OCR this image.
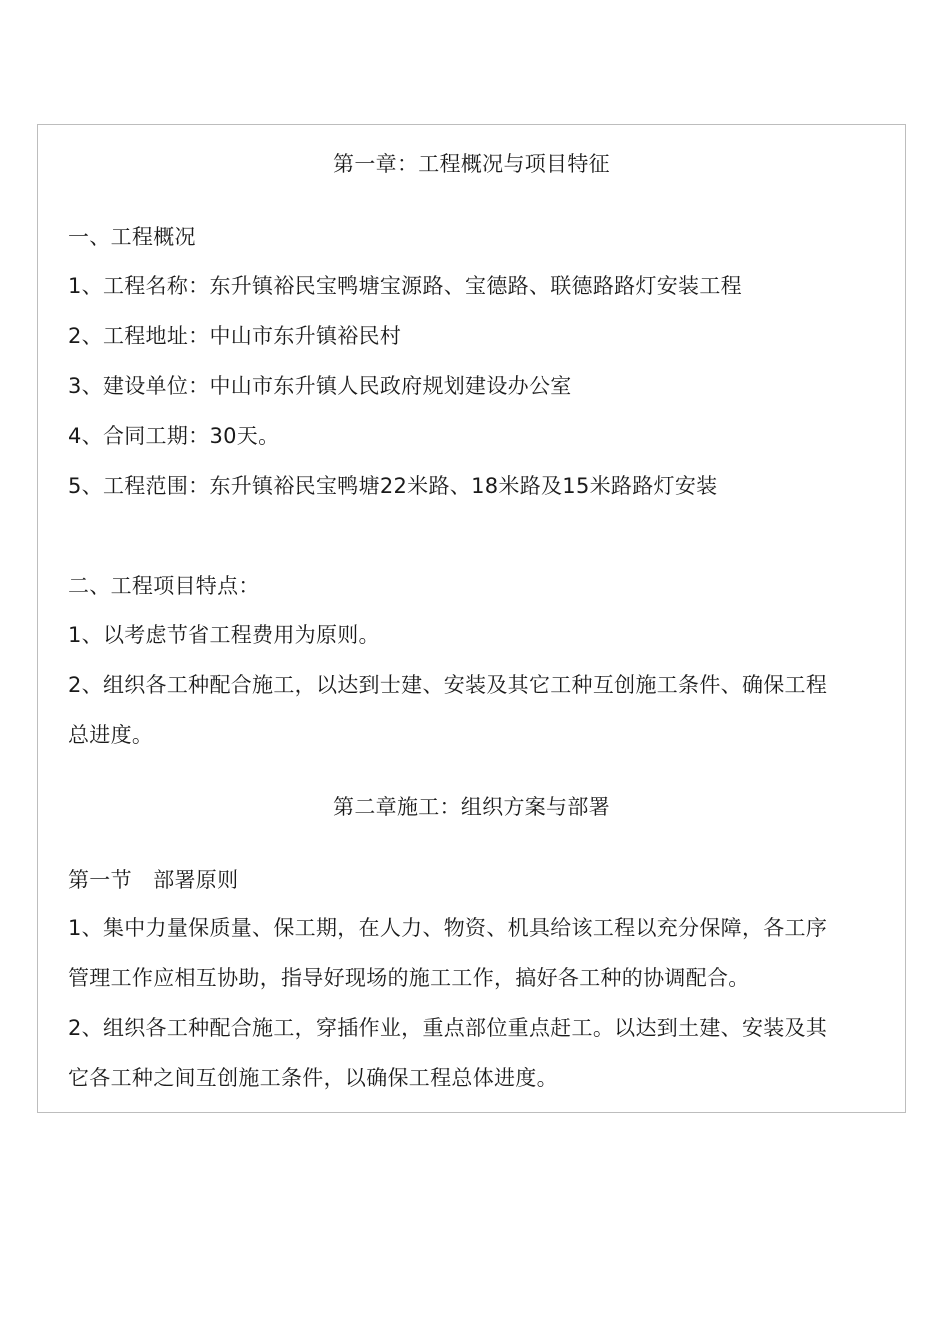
第一章：工程概况与项目特征
一、工程概况
1、工程名称：东升镇裕民宝鸭塘宝源路、宝德路、联德路路灯安装工程
2、工程地址：中山市东升镇裕民村
3、建设单位：中山市东升镇人民政府规划建设办公室
4、合同工期：30天。
5、工程范围：东升镇裕民宝鸭塘22米路、18米路及15米路路灯安装
二、工程项目特点：
1、以考虑节省工程费用为原则。
2、组织各工种配合施工，以达到士建、安装及其它工种互创施工条件、确保工程
总进度。
第二章施工：组织方案与部署
第一节　部署原则
1、集中力量保质量、保工期，在人力、物资、机具给该工程以充分保障，各工序
管理工作应相互协助，指导好现场的施工工作，搞好各工种的协调配合。
2、组织各工种配合施工，穿插作业，重点部位重点赶工。以达到土建、安装及其
它各工种之间互创施工条件，以确保工程总体进度。
